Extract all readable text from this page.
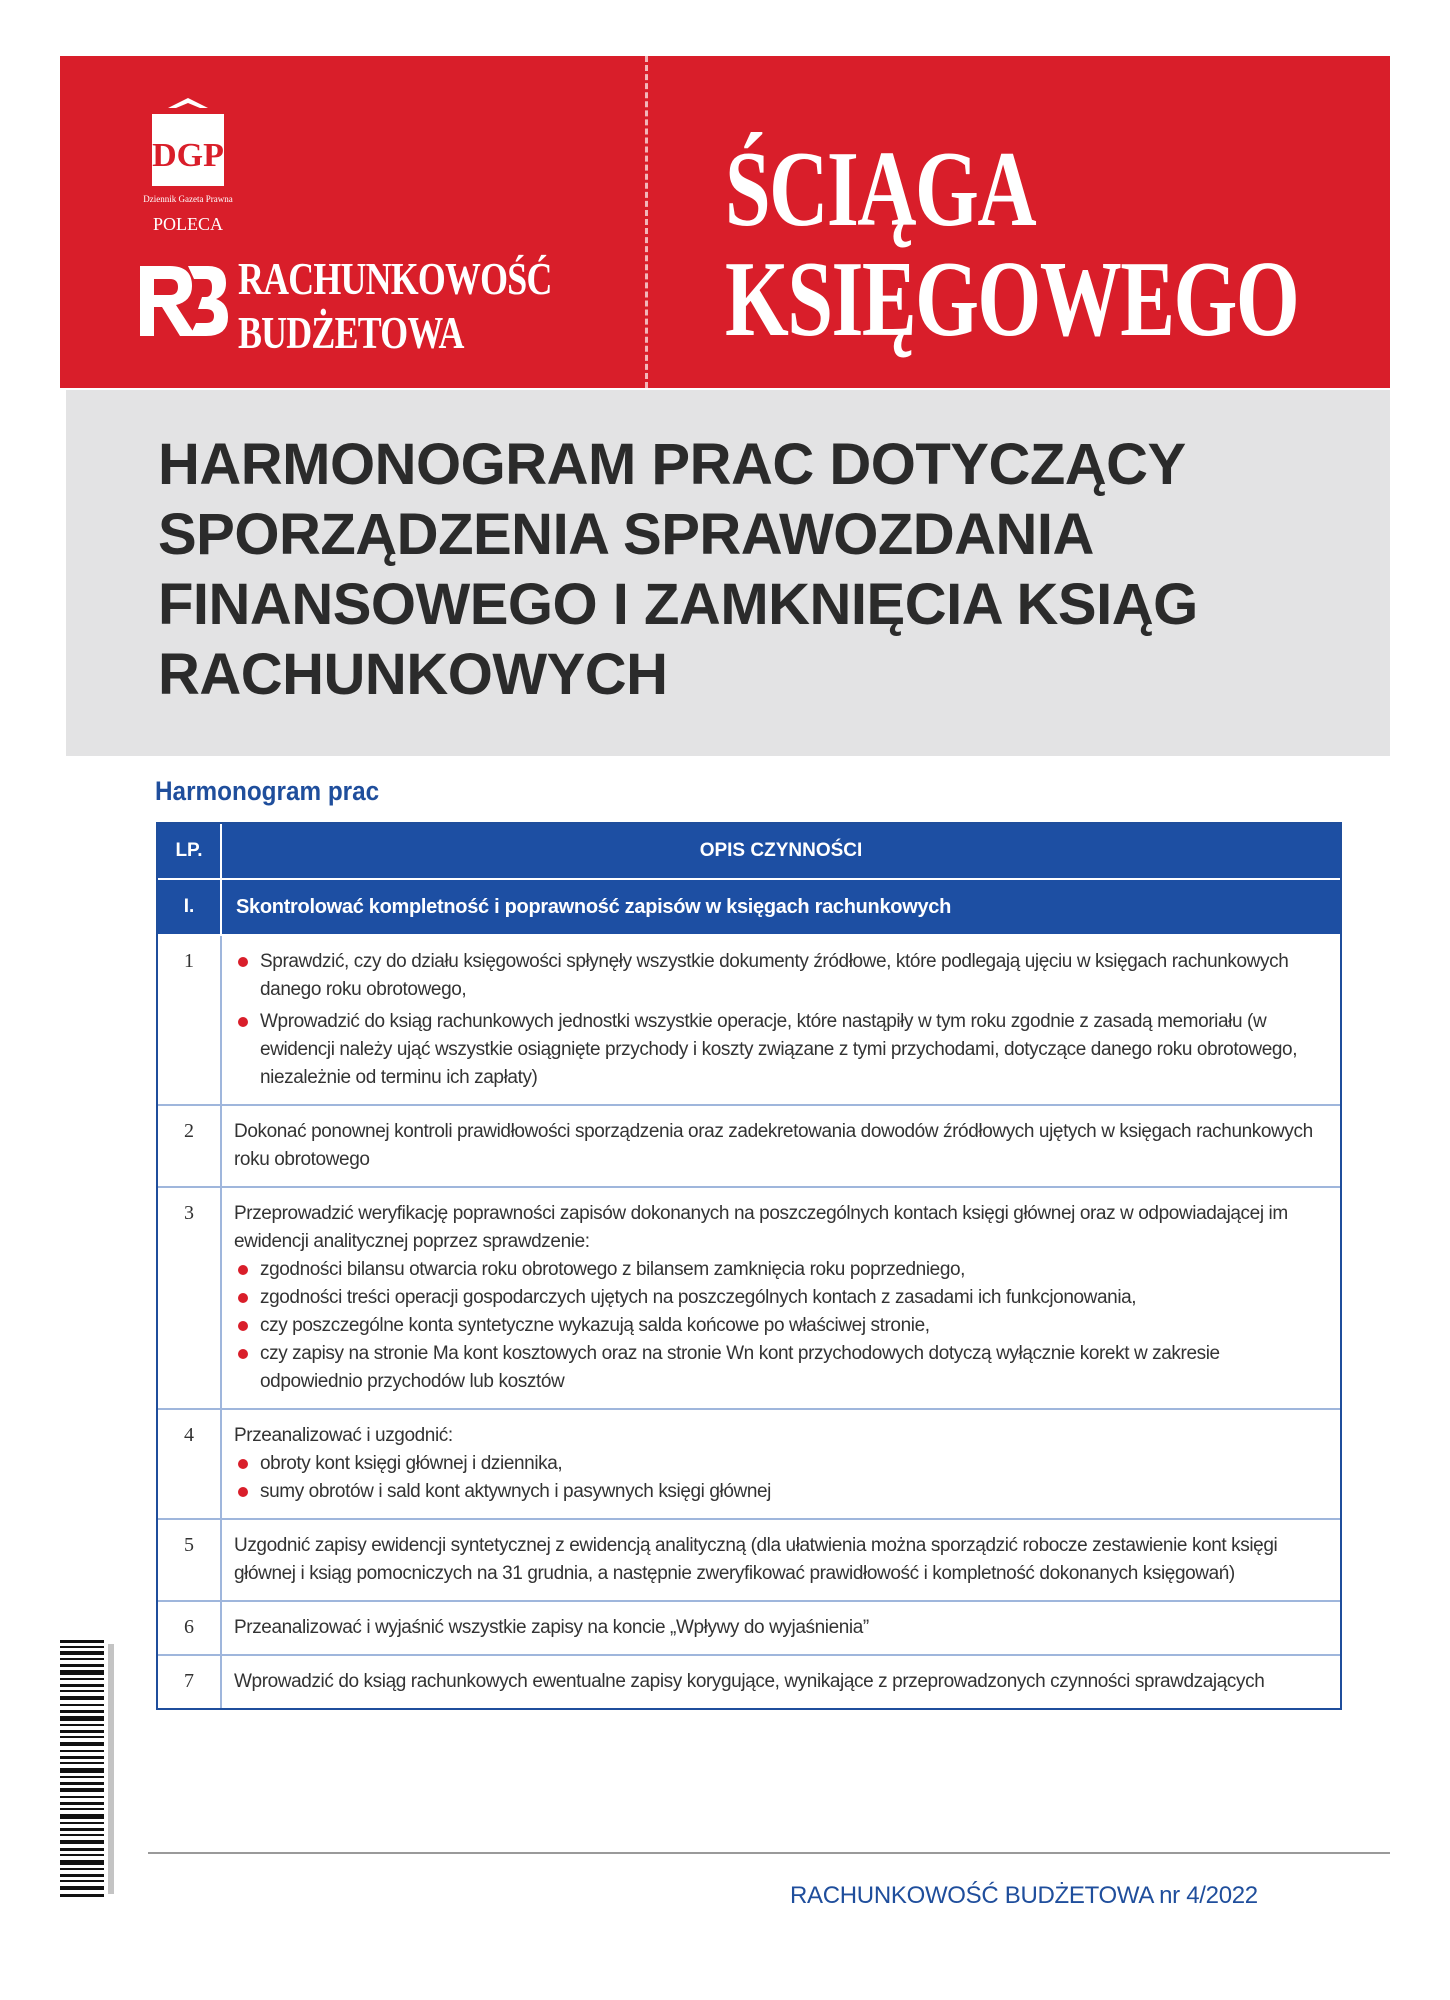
DGP
Dziennik Gazeta Prawna
POLECA
RACHUNKOWOŚĆ
BUDŻETOWA
ŚCIĄGA
KSIĘGOWEGO
HARMONOGRAM PRAC DOTYCZĄCY
SPORZĄDZENIA SPRAWOZDANIA
FINANSOWEGO I ZAMKNIĘCIA KSIĄG
RACHUNKOWYCH
Harmonogram prac
LP.	OPIS CZYNNOŚCI
I.	Skontrolować kompletność i poprawność zapisów w księgach rachunkowych
1	Sprawdzić, czy do działu księgowości spłynęły wszystkie dokumenty źródłowe, które podlegają ujęciu w księgach rachunkowych danego roku obrotowego,
Wprowadzić do ksiąg rachunkowych jednostki wszystkie operacje, które nastąpiły w tym roku zgodnie z zasadą memoriału (w ewidencji należy ująć wszystkie osiągnięte przychody i koszty związane z tymi przychodami, dotyczące danego roku obrotowego, niezależnie od terminu ich zapłaty)
2	Dokonać ponownej kontroli prawidłowości sporządzenia oraz zadekretowania dowodów źródłowych ujętych w księgach rachunkowych roku obrotowego
3	Przeprowadzić weryfikację poprawności zapisów dokonanych na poszczególnych kontach księgi głównej oraz w odpowiadającej im ewidencji analitycznej poprzez sprawdzenie:
zgodności bilansu otwarcia roku obrotowego z bilansem zamknięcia roku poprzedniego,
zgodności treści operacji gospodarczych ujętych na poszczególnych kontach z zasadami ich funkcjonowania,
czy poszczególne konta syntetyczne wykazują salda końcowe po właściwej stronie,
czy zapisy na stronie Ma kont kosztowych oraz na stronie Wn kont przychodowych dotyczą wyłącznie korekt w zakresie odpowiednio przychodów lub kosztów
4	Przeanalizować i uzgodnić:
obroty kont księgi głównej i dziennika,
sumy obrotów i sald kont aktywnych i pasywnych księgi głównej
5	Uzgodnić zapisy ewidencji syntetycznej z ewidencją analityczną (dla ułatwienia można sporządzić robocze zestawienie kont księgi głównej i ksiąg pomocniczych na 31 grudnia, a następnie zweryfikować prawidłowość i kompletność dokonanych księgowań)
6	Przeanalizować i wyjaśnić wszystkie zapisy na koncie „Wpływy do wyjaśnienia”
7	Wprowadzić do ksiąg rachunkowych ewentualne zapisy korygujące, wynikające z przeprowadzonych czynności sprawdzających
RACHUNKOWOŚĆ BUDŻETOWA nr 4/2022
